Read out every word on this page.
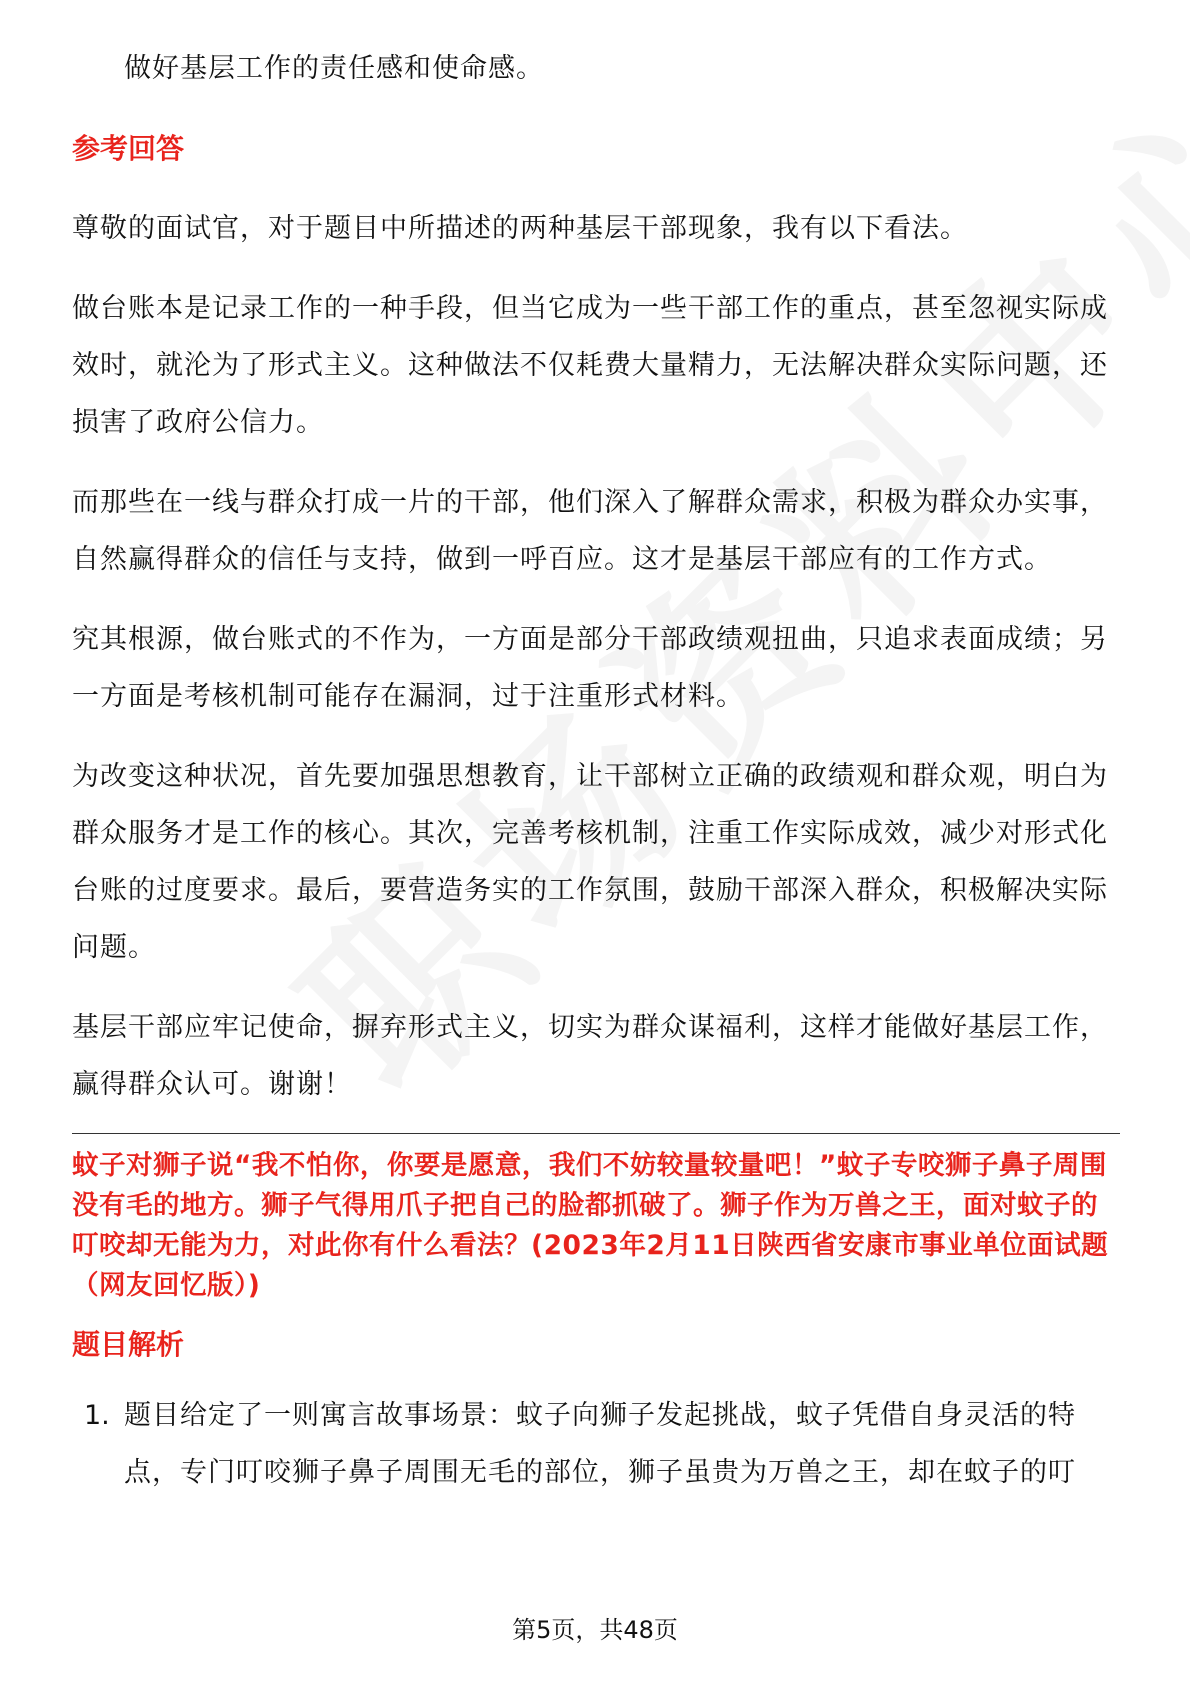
做好基层工作的责任感和使命感。

参考回答

尊敬的面试官，对于题目中所描述的两种基层干部现象，我有以下看法。

做台账本是记录工作的一种手段，但当它成为一些干部工作的重点，甚至忽视实际成效时，就沦为了形式主义。这种做法不仅耗费大量精力，无法解决群众实际问题，还损害了政府公信力。

而那些在一线与群众打成一片的干部，他们深入了解群众需求，积极为群众办实事，自然赢得群众的信任与支持，做到一呼百应。这才是基层干部应有的工作方式。

究其根源，做台账式的不作为，一方面是部分干部政绩观扭曲，只追求表面成绩；另一方面是考核机制可能存在漏洞，过于注重形式材料。

为改变这种状况，首先要加强思想教育，让干部树立正确的政绩观和群众观，明白为群众服务才是工作的核心。其次，完善考核机制，注重工作实际成效，减少对形式化台账的过度要求。最后，要营造务实的工作氛围，鼓励干部深入群众，积极解决实际问题。

基层干部应牢记使命，摒弃形式主义，切实为群众谋福利，这样才能做好基层工作，赢得群众认可。谢谢！

蚊子对狮子说“我不怕你，你要是愿意，我们不妨较量较量吧！”蚊子专咬狮子鼻子周围没有毛的地方。狮子气得用爪子把自己的脸都抓破了。狮子作为万兽之王，面对蚊子的叮咬却无能为力，对此你有什么看法？(2023年2月11日陕西省安康市事业单位面试题（网友回忆版）)

题目解析

1. 题目给定了一则寓言故事场景：蚊子向狮子发起挑战，蚊子凭借自身灵活的特点，专门叮咬狮子鼻子周围无毛的部位，狮子虽贵为万兽之王，却在蚊子的叮

第5页，共48页
